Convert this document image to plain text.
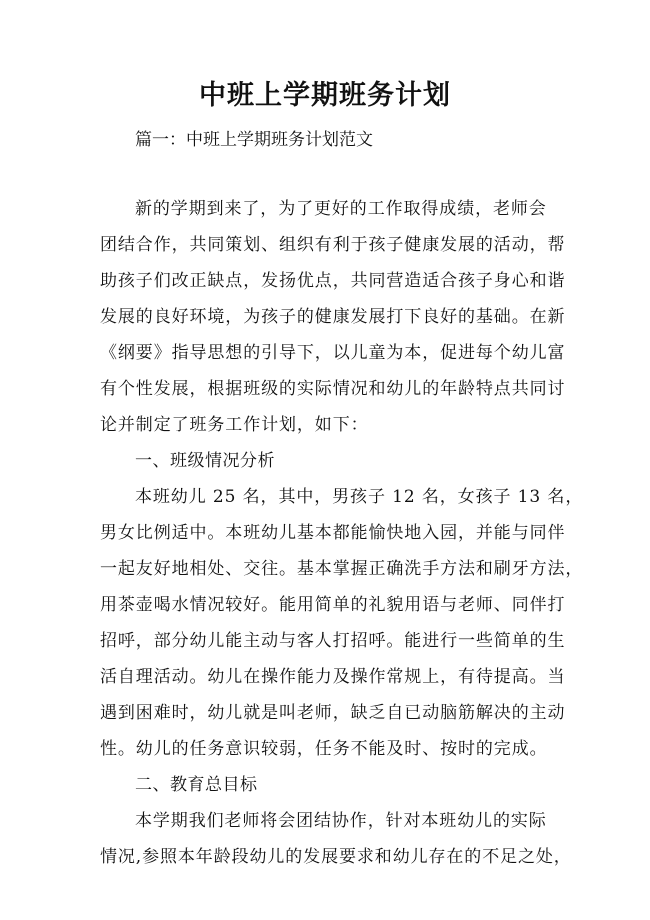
中班上学期班务计划
篇一：中班上学期班务计划范文
新的学期到来了，为了更好的工作取得成绩，老师会
团结合作，共同策划、组织有利于孩子健康发展的活动，帮
助孩子们改正缺点，发扬优点，共同营造适合孩子身心和谐
发展的良好环境，为孩子的健康发展打下良好的基础。在新
《纲要》指导思想的引导下，以儿童为本，促进每个幼儿富
有个性发展，根据班级的实际情况和幼儿的年龄特点共同讨
论并制定了班务工作计划，如下：
一、班级情况分析
本班幼儿 25 名，其中，男孩子 12 名，女孩子 13 名，
男女比例适中。本班幼儿基本都能愉快地入园，并能与同伴
一起友好地相处、交往。基本掌握正确洗手方法和刷牙方法，
用茶壶喝水情况较好。能用简单的礼貌用语与老师、同伴打
招呼，部分幼儿能主动与客人打招呼。能进行一些简单的生
活自理活动。幼儿在操作能力及操作常规上，有待提高。当
遇到困难时，幼儿就是叫老师，缺乏自已动脑筋解决的主动
性。幼儿的任务意识较弱，任务不能及时、按时的完成。
二、教育总目标
本学期我们老师将会团结协作，针对本班幼儿的实际
情况,参照本年龄段幼儿的发展要求和幼儿存在的不足之处，
